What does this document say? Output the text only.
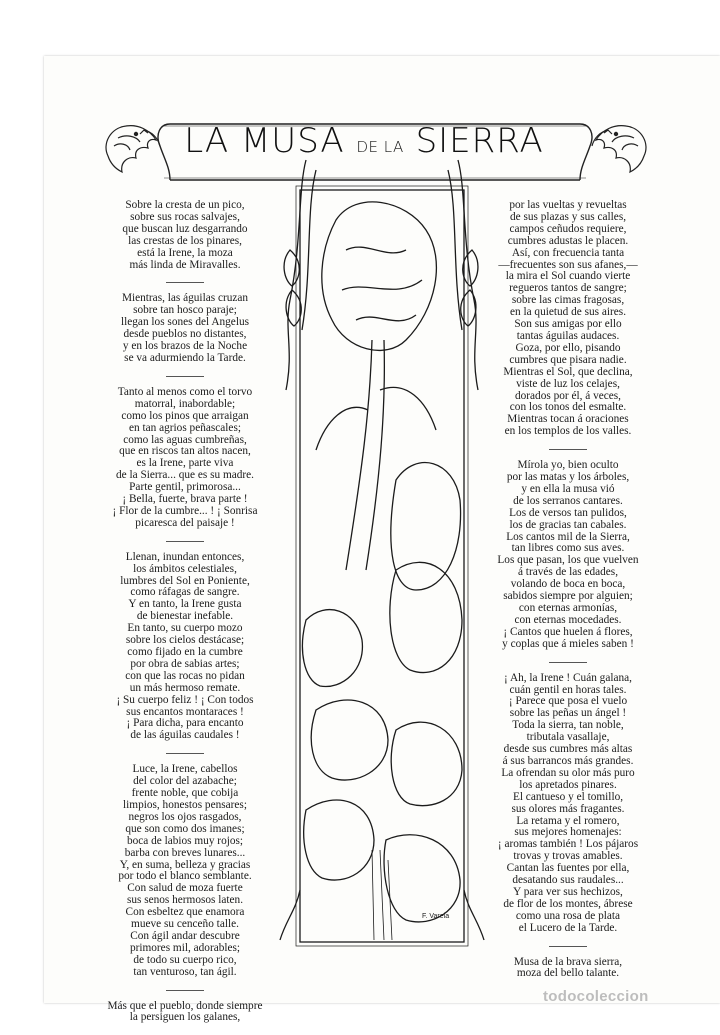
LA MUSA DE LA SIERRA
F. Varela
Sobre la cresta de un pico,
sobre sus rocas salvajes,
que buscan luz desgarrando
las crestas de los pinares,
está la Irene, la moza
más linda de Miravalles.
Mientras, las águilas cruzan
sobre tan hosco paraje;
llegan los sones del Angelus
desde pueblos no distantes,
y en los brazos de la Noche
se va adurmiendo la Tarde.
Tanto al menos como el torvo
matorral, inabordable;
como los pinos que arraigan
en tan agrios peñascales;
como las aguas cumbreñas,
que en riscos tan altos nacen,
es la Irene, parte viva
de la Sierra... que es su madre.
Parte gentil, primorosa...
¡ Bella, fuerte, brava parte !
¡ Flor de la cumbre... ! ¡ Sonrisa
picaresca del paisaje !
Llenan, inundan entonces,
los ámbitos celestiales,
lumbres del Sol en Poniente,
como ráfagas de sangre.
Y en tanto, la Irene gusta
de bienestar inefable.
En tanto, su cuerpo mozo
sobre los cielos destácase;
como fijado en la cumbre
por obra de sabias artes;
con que las rocas no pidan
un más hermoso remate.
¡ Su cuerpo feliz ! ¡ Con todos
sus encantos montaraces !
¡ Para dicha, para encanto
de las águilas caudales !
Luce, la Irene, cabellos
del color del azabache;
frente noble, que cobija
limpios, honestos pensares;
negros los ojos rasgados,
que son como dos imanes;
boca de labios muy rojos;
barba con breves lunares...
Y, en suma, belleza y gracias
por todo el blanco semblante.
Con salud de moza fuerte
sus senos hermosos laten.
Con esbeltez que enamora
mueve su cenceño talle.
Con ágil andar descubre
primores mil, adorables;
de todo su cuerpo rico,
tan venturoso, tan ágil.
Más que el pueblo, donde siempre
la persiguen los galanes,
por las vueltas y revueltas
de sus plazas y sus calles,
campos ceñudos requiere,
cumbres adustas le placen.
Así, con frecuencia tanta
—frecuentes son sus afanes,—
la mira el Sol cuando vierte
regueros tantos de sangre;
sobre las cimas fragosas,
en la quietud de sus aires.
Son sus amigas por ello
tantas águilas audaces.
Goza, por ello, pisando
cumbres que pisara nadie.
Mientras el Sol, que declina,
viste de luz los celajes,
dorados por él, á veces,
con los tonos del esmalte.
Mientras tocan á oraciones
en los templos de los valles.
Mírola yo, bien oculto
por las matas y los árboles,
y en ella la musa vió
de los serranos cantares.
Los de versos tan pulidos,
los de gracias tan cabales.
Los cantos mil de la Sierra,
tan libres como sus aves.
Los que pasan, los que vuelven
á través de las edades,
volando de boca en boca,
sabidos siempre por alguien;
con eternas armonías,
con eternas mocedades.
¡ Cantos que huelen á flores,
y coplas que á mieles saben !
¡ Ah, la Irene ! Cuán galana,
cuán gentil en horas tales.
¡ Parece que posa el vuelo
sobre las peñas un ángel !
Toda la sierra, tan noble,
tributala vasallaje,
desde sus cumbres más altas
á sus barrancos más grandes.
La ofrendan su olor más puro
los apretados pinares.
El cantueso y el tomillo,
sus olores más fragantes.
La retama y el romero,
sus mejores homenajes:
¡ aromas también ! Los pájaros
trovas y trovas amables.
Cantan las fuentes por ella,
desatando sus raudales...
Y para ver sus hechizos,
de flor de los montes, ábrese
como una rosa de plata
el Lucero de la Tarde.
Musa de la brava sierra,
moza del bello talante.
todocoleccion
